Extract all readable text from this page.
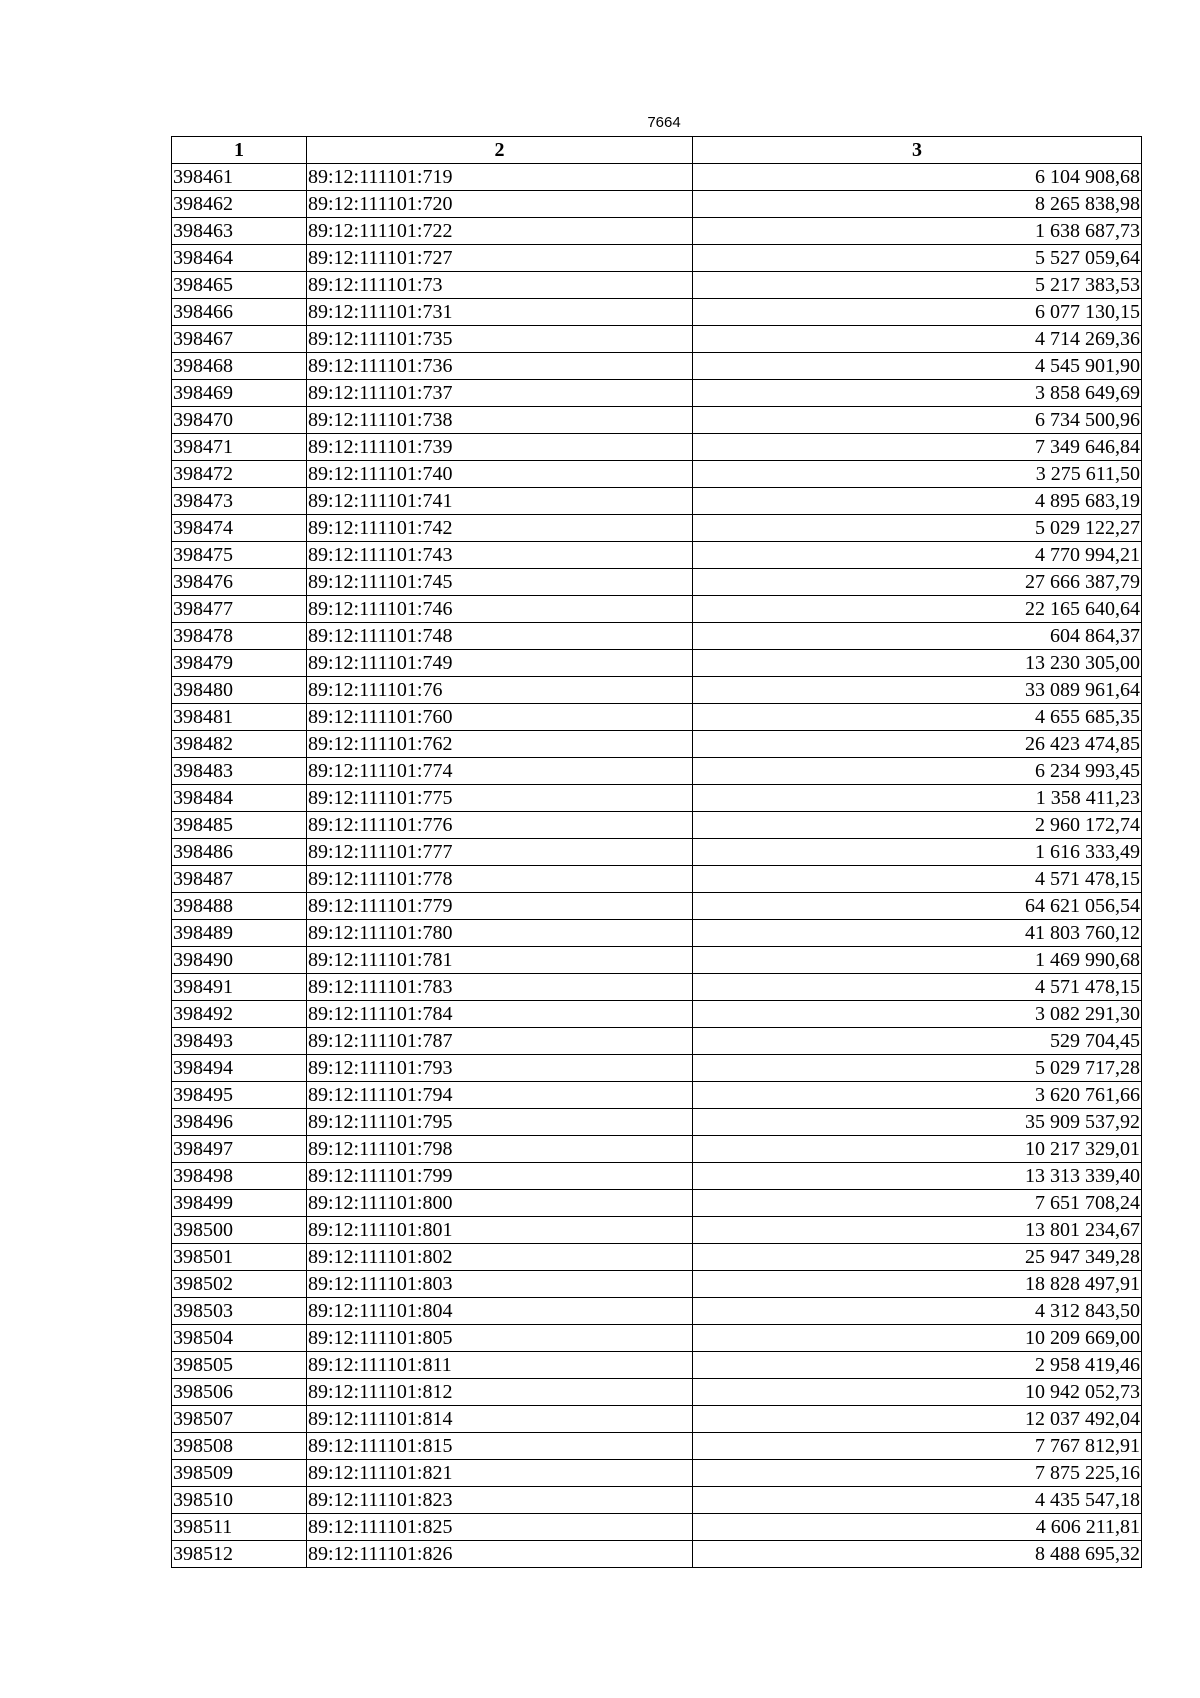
7664
1	2	3
398461	89:12:111101:719	6 104 908,68
398462	89:12:111101:720	8 265 838,98
398463	89:12:111101:722	1 638 687,73
398464	89:12:111101:727	5 527 059,64
398465	89:12:111101:73	5 217 383,53
398466	89:12:111101:731	6 077 130,15
398467	89:12:111101:735	4 714 269,36
398468	89:12:111101:736	4 545 901,90
398469	89:12:111101:737	3 858 649,69
398470	89:12:111101:738	6 734 500,96
398471	89:12:111101:739	7 349 646,84
398472	89:12:111101:740	3 275 611,50
398473	89:12:111101:741	4 895 683,19
398474	89:12:111101:742	5 029 122,27
398475	89:12:111101:743	4 770 994,21
398476	89:12:111101:745	27 666 387,79
398477	89:12:111101:746	22 165 640,64
398478	89:12:111101:748	604 864,37
398479	89:12:111101:749	13 230 305,00
398480	89:12:111101:76	33 089 961,64
398481	89:12:111101:760	4 655 685,35
398482	89:12:111101:762	26 423 474,85
398483	89:12:111101:774	6 234 993,45
398484	89:12:111101:775	1 358 411,23
398485	89:12:111101:776	2 960 172,74
398486	89:12:111101:777	1 616 333,49
398487	89:12:111101:778	4 571 478,15
398488	89:12:111101:779	64 621 056,54
398489	89:12:111101:780	41 803 760,12
398490	89:12:111101:781	1 469 990,68
398491	89:12:111101:783	4 571 478,15
398492	89:12:111101:784	3 082 291,30
398493	89:12:111101:787	529 704,45
398494	89:12:111101:793	5 029 717,28
398495	89:12:111101:794	3 620 761,66
398496	89:12:111101:795	35 909 537,92
398497	89:12:111101:798	10 217 329,01
398498	89:12:111101:799	13 313 339,40
398499	89:12:111101:800	7 651 708,24
398500	89:12:111101:801	13 801 234,67
398501	89:12:111101:802	25 947 349,28
398502	89:12:111101:803	18 828 497,91
398503	89:12:111101:804	4 312 843,50
398504	89:12:111101:805	10 209 669,00
398505	89:12:111101:811	2 958 419,46
398506	89:12:111101:812	10 942 052,73
398507	89:12:111101:814	12 037 492,04
398508	89:12:111101:815	7 767 812,91
398509	89:12:111101:821	7 875 225,16
398510	89:12:111101:823	4 435 547,18
398511	89:12:111101:825	4 606 211,81
398512	89:12:111101:826	8 488 695,32
